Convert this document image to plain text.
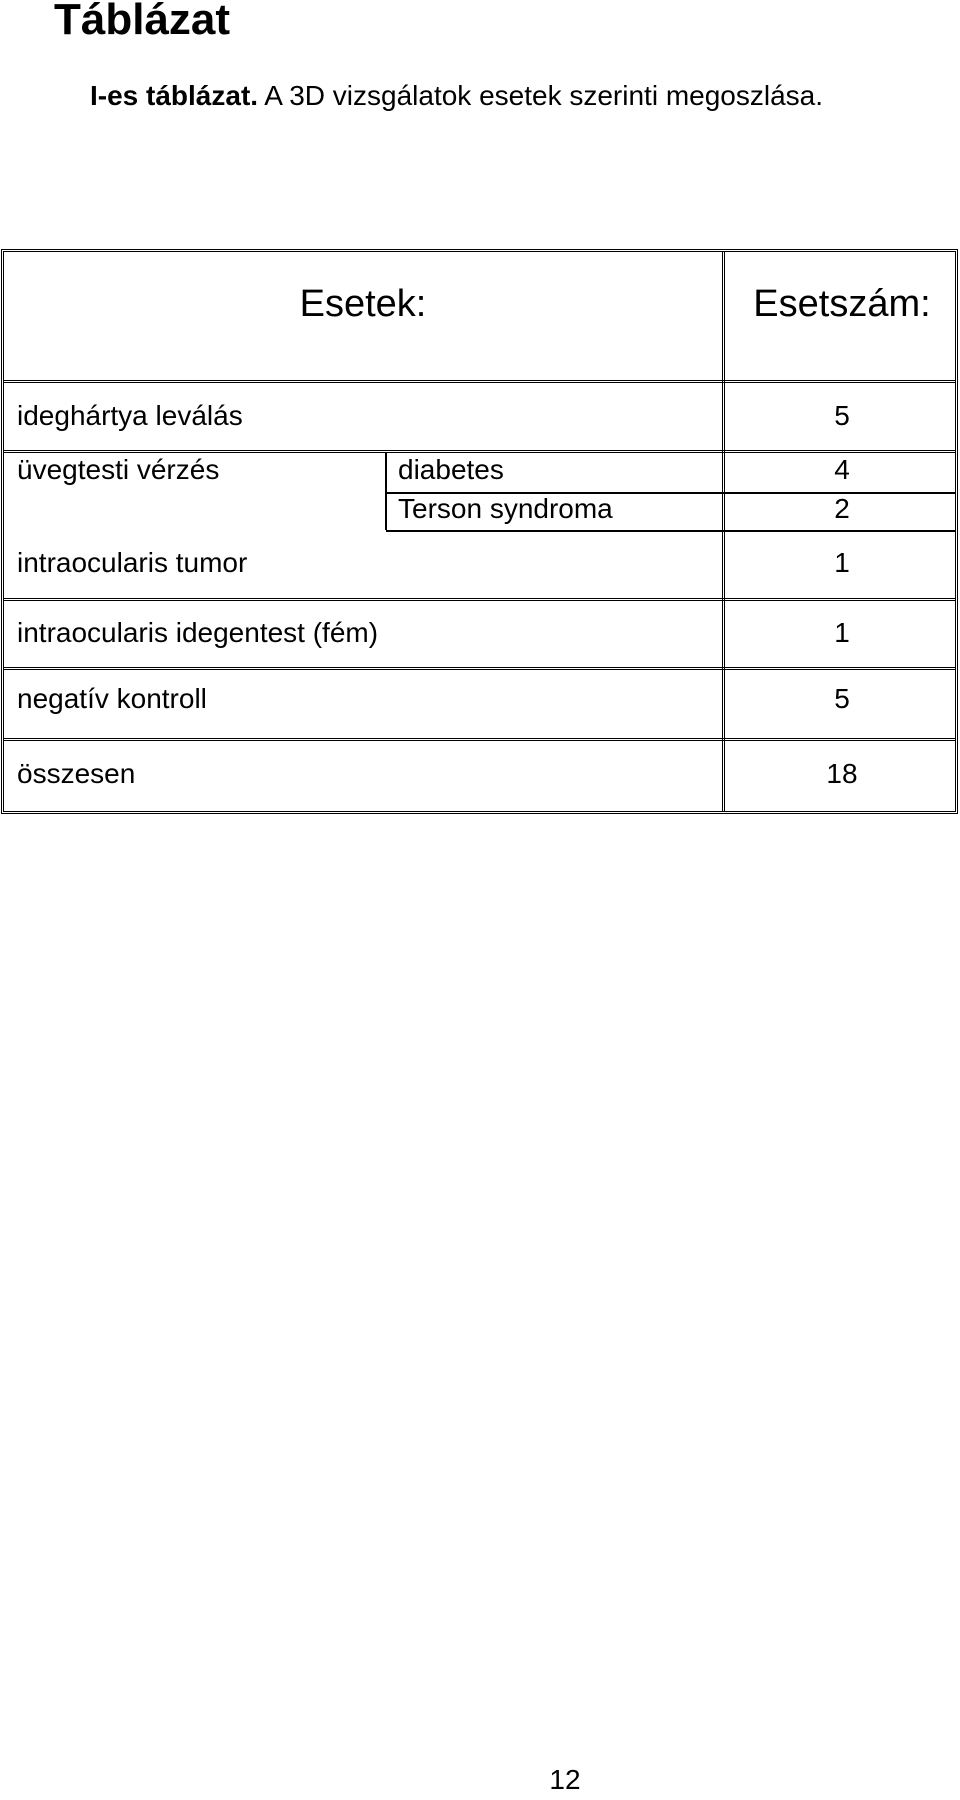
Táblázat
I-es táblázat. A 3D vizsgálatok esetek szerinti megoszlása.
Esetek:	Esetszám:
ideghártya leválás	5
üvegtesti vérzés	diabetes	4
Terson syndroma	2
intraocularis tumor	1
intraocularis idegentest (fém)	1
negatív kontroll	5
összesen	18
12
